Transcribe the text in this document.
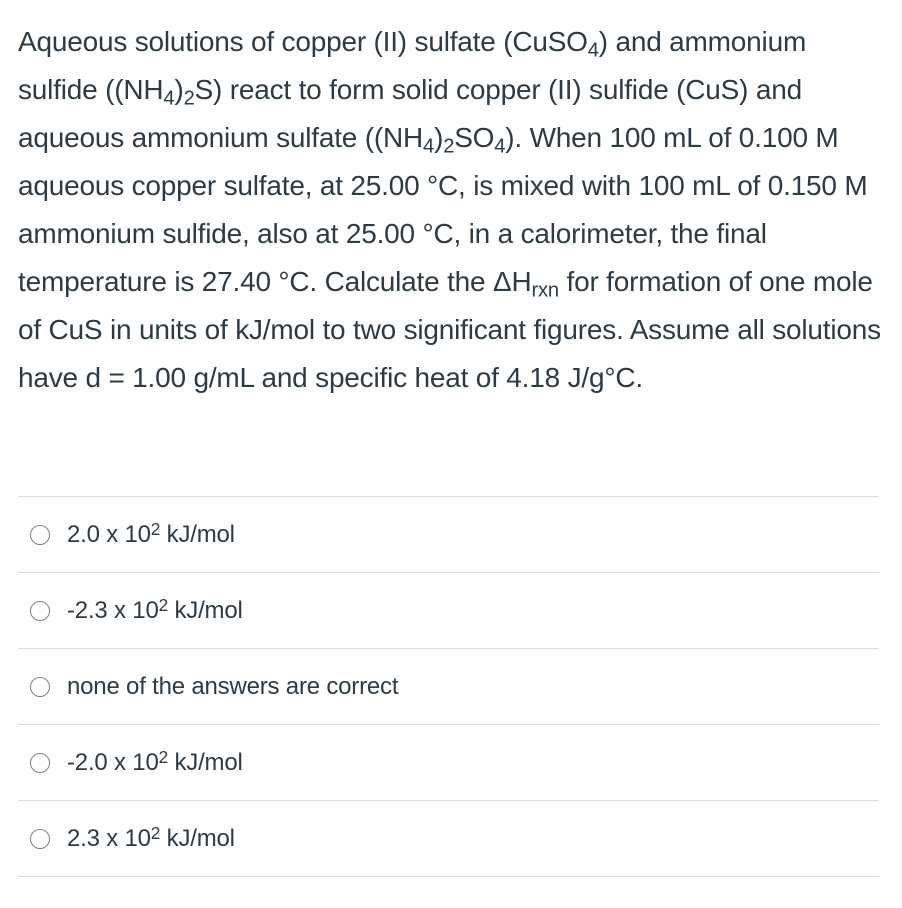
Aqueous solutions of copper (II) sulfate (CuSO$_4$) and ammonium sulfide $((NH_4)_2S)$ react to form solid copper (II) sulfide (CuS) and aqueous ammonium sulfate $((NH_4)_2SO_4)$. When 100 mL of 0.100 M aqueous copper sulfate, at 25.00 °C, is mixed with 100 mL of 0.150 M ammonium sulfide, also at 25.00 °C, in a calorimeter, the final temperature is 27.40 °C. Calculate the $\Delta H_{rxn}$ for formation of one mole of CuS in units of kJ/mol to two significant figures. Assume all solutions have d = 1.00 g/mL and specific heat of 4.18 J/g°C.

2.0 x $10^2$ kJ/mol
-2.3 x $10^2$ kJ/mol
none of the answers are correct
-2.0 x $10^2$ kJ/mol
2.3 x $10^2$ kJ/mol
